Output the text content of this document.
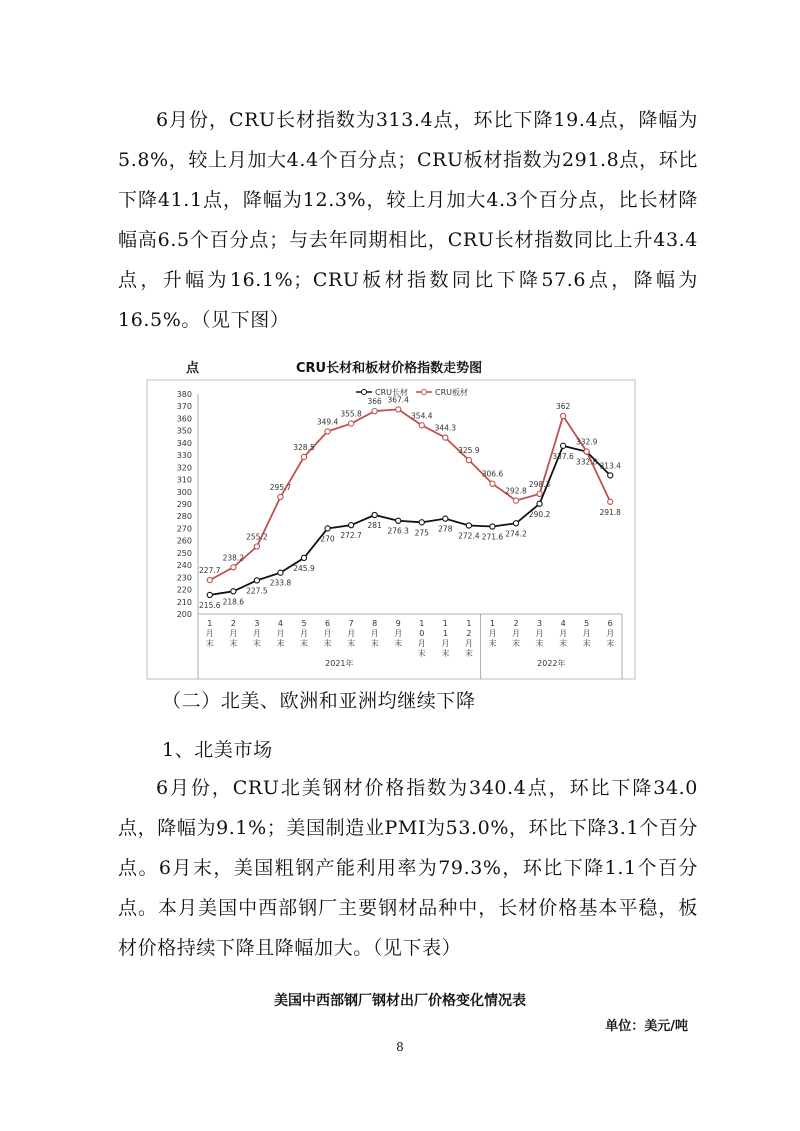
6月份，CRU长材指数为313.4点，环比下降19.4点，降幅为5.8%，较上月加大4.4个百分点；CRU板材指数为291.8点，环比下降41.1点，降幅为12.3%，较上月加大4.3个百分点，比长材降幅高6.5个百分点；与去年同期相比，CRU长材指数同比上升43.4点，升幅为16.1%；CRU板材指数同比下降57.6点，降幅为16.5%。（见下图）

点	CRU长材和板材价格指数走势图
200
210
220
230
240
250
260
270
280
290
300
310
320
330
340
350
360
370
380
1 月末
2 月末
3 月末
4 月末
5 月末
6 月末
7 月末
8 月末
9 月末
1 0 月末
1 1 月末
1 2 月末
1 月末
2 月末
3 月末
4 月末
5 月末
6 月末
2021年	2022年
CRU长材	CRU板材
215.6 218.6
227.5
233.8
245.9
270 272.7
281
276.3 275 278
272.4 271.6 274.2
290.2
337.6
332.8 313.4
227.7
238.2
255.2
295.7
328.5
349.4
355.8
366 367.4
354.4
344.3
325.9
306.6
292.8
298.3
362
332.9
291.8

（二）北美、欧洲和亚洲均继续下降

1、北美市场

6月份，CRU北美钢材价格指数为340.4点，环比下降34.0点，降幅为9.1%；美国制造业PMI为53.0%，环比下降3.1个百分点。6月末，美国粗钢产能利用率为79.3%，环比下降1.1个百分点。本月美国中西部钢厂主要钢材品种中，长材价格基本平稳，板材价格持续下降且降幅加大。（见下表）

美国中西部钢厂钢材出厂价格变化情况表
单位：美元/吨
8
